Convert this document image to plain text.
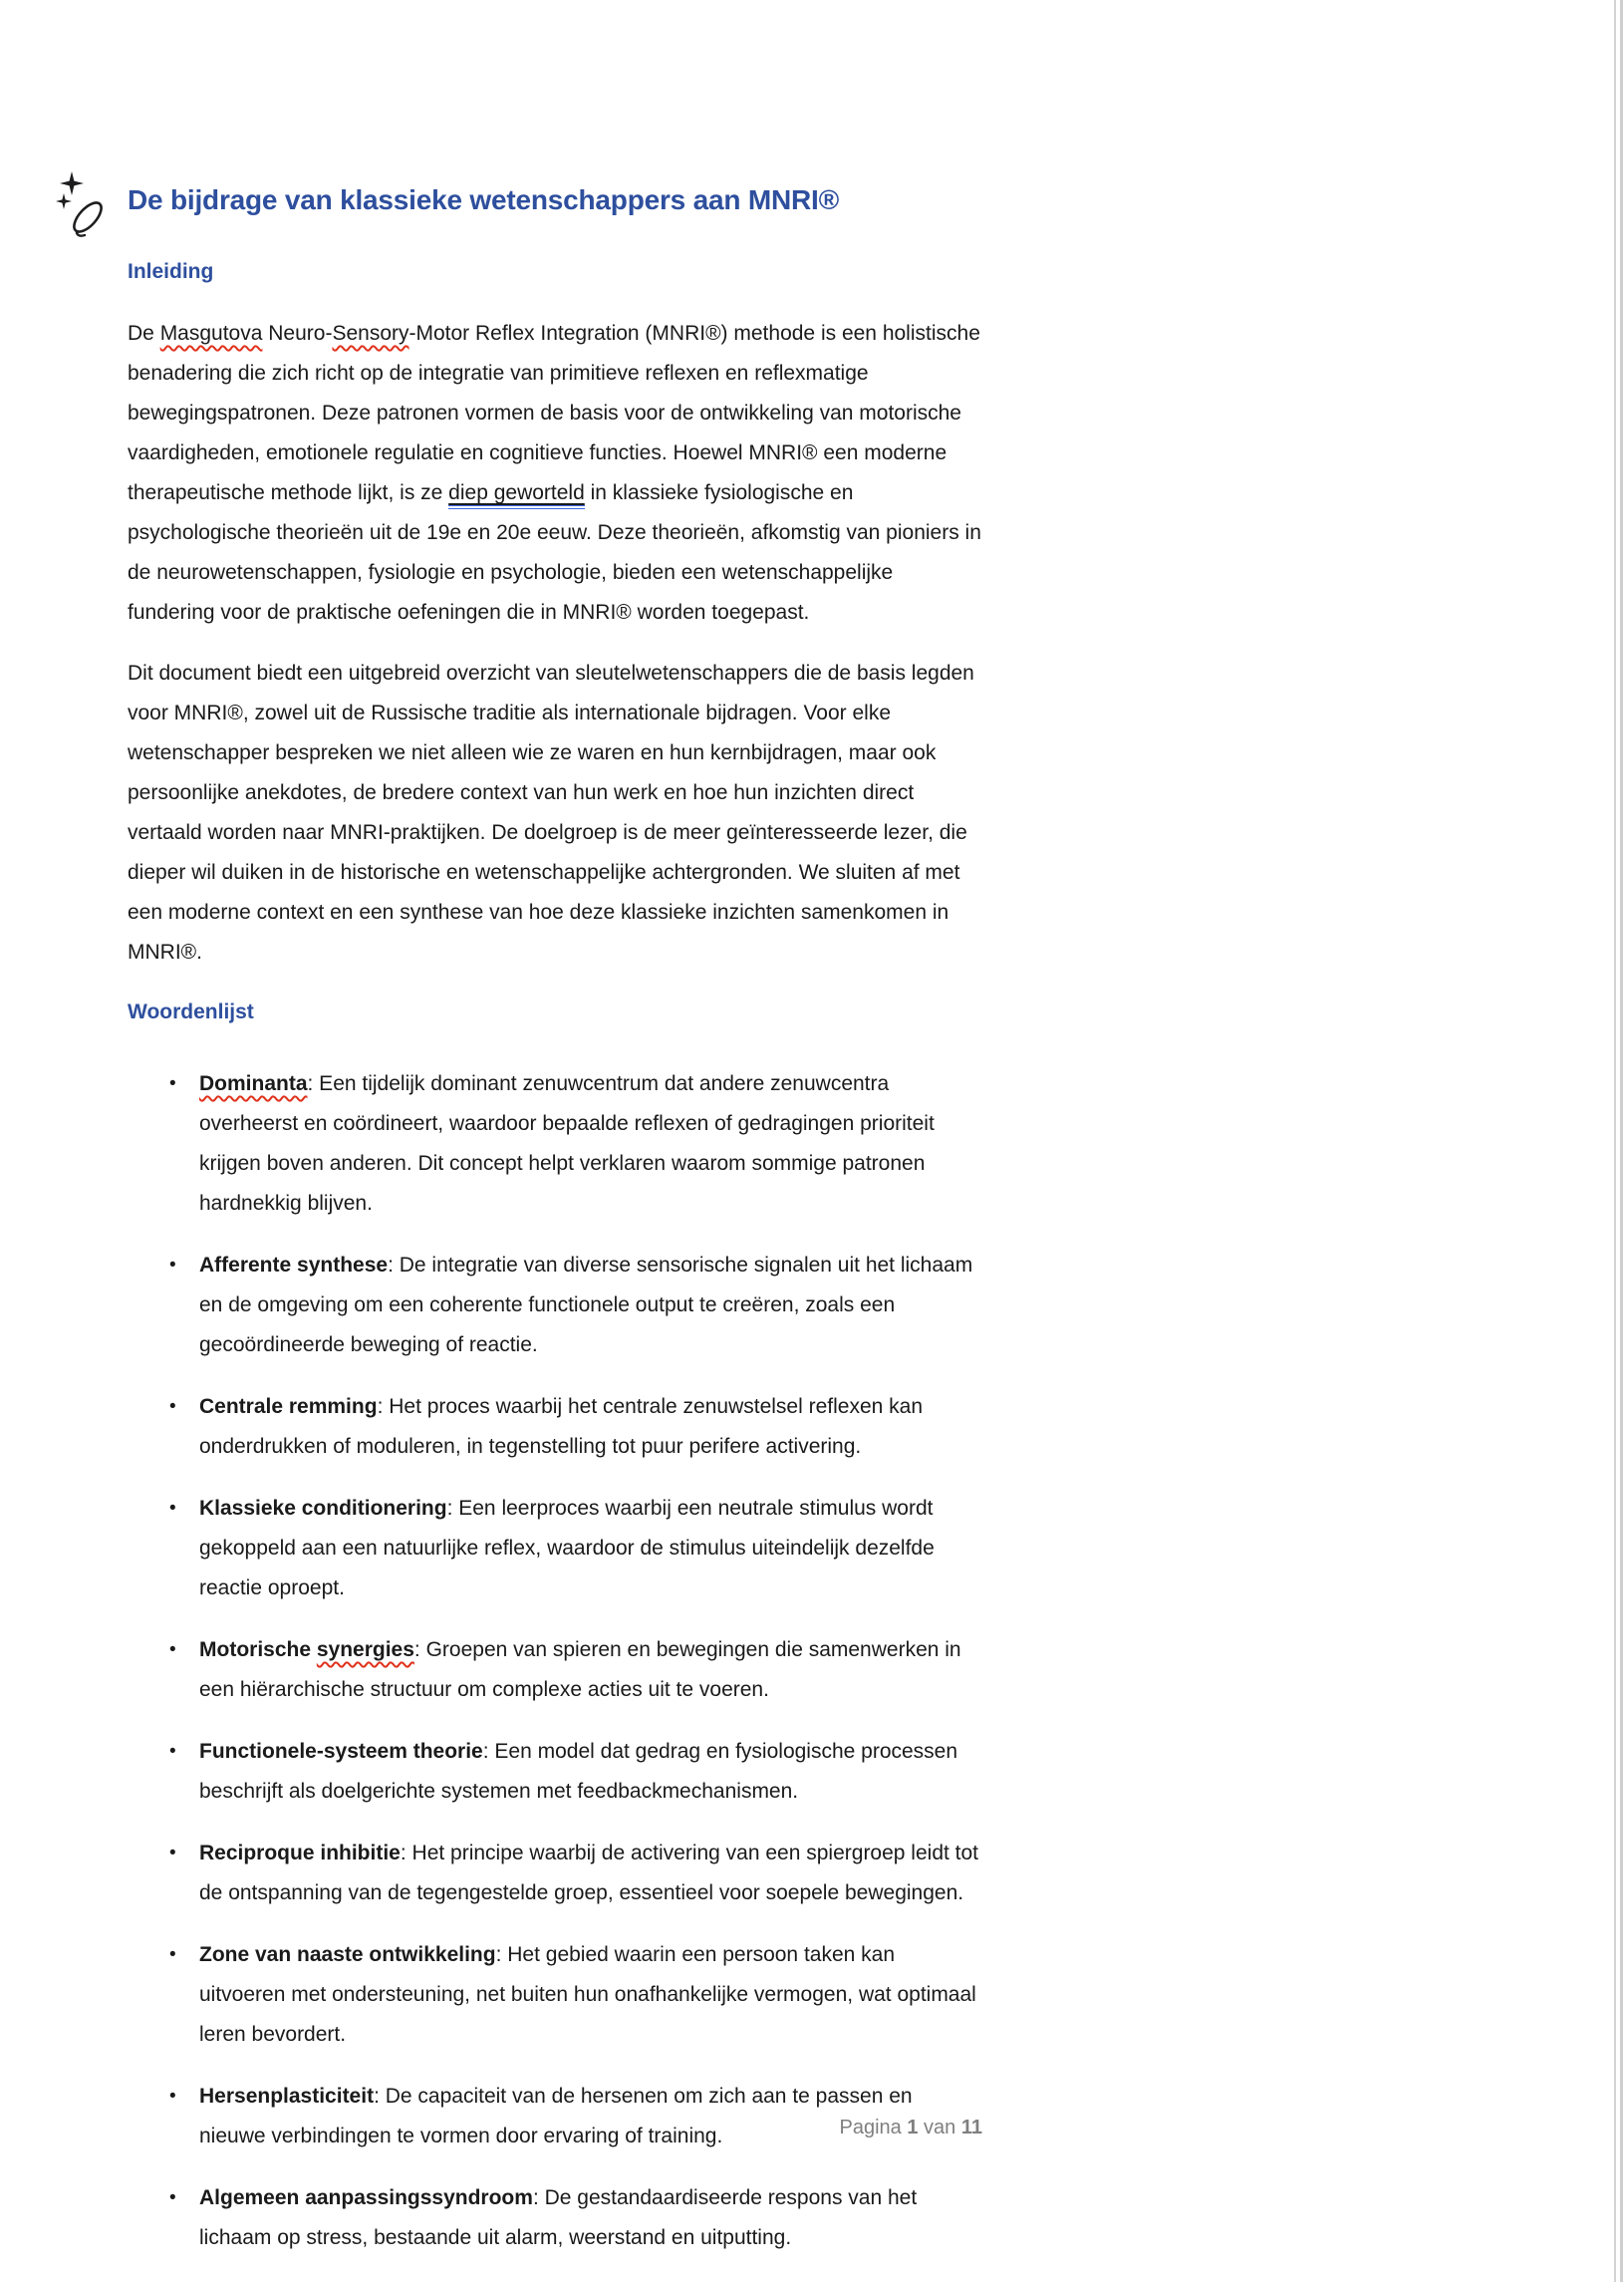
De bijdrage van klassieke wetenschappers aan MNRI®
Inleiding

De Masgutova Neuro-Sensory-Motor Reflex Integration (MNRI®) methode is een holistische benadering die zich richt op de integratie van primitieve reflexen en reflexmatige bewegingspatronen. Deze patronen vormen de basis voor de ontwikkeling van motorische vaardigheden, emotionele regulatie en cognitieve functies. Hoewel MNRI® een moderne therapeutische methode lijkt, is ze diep geworteld in klassieke fysiologische en psychologische theorieën uit de 19e en 20e eeuw. Deze theorieën, afkomstig van pioniers in de neurowetenschappen, fysiologie en psychologie, bieden een wetenschappelijke fundering voor de praktische oefeningen die in MNRI® worden toegepast.

Dit document biedt een uitgebreid overzicht van sleutelwetenschappers die de basis legden voor MNRI®, zowel uit de Russische traditie als internationale bijdragen. Voor elke wetenschapper bespreken we niet alleen wie ze waren en hun kernbijdragen, maar ook persoonlijke anekdotes, de bredere context van hun werk en hoe hun inzichten direct vertaald worden naar MNRI-praktijken. De doelgroep is de meer geïnteresseerde lezer, die dieper wil duiken in de historische en wetenschappelijke achtergronden. We sluiten af met een moderne context en een synthese van hoe deze klassieke inzichten samenkomen in MNRI®.

Woordenlijst
•	Dominanta: Een tijdelijk dominant zenuwcentrum dat andere zenuwcentra overheerst en coördineert, waardoor bepaalde reflexen of gedragingen prioriteit krijgen boven anderen. Dit concept helpt verklaren waarom sommige patronen hardnekkig blijven.
•	Afferente synthese: De integratie van diverse sensorische signalen uit het lichaam en de omgeving om een coherente functionele output te creëren, zoals een gecoördineerde beweging of reactie.
•	Centrale remming: Het proces waarbij het centrale zenuwstelsel reflexen kan onderdrukken of moduleren, in tegenstelling tot puur perifere activering.
•	Klassieke conditionering: Een leerproces waarbij een neutrale stimulus wordt gekoppeld aan een natuurlijke reflex, waardoor de stimulus uiteindelijk dezelfde reactie oproept.
•	Motorische synergies: Groepen van spieren en bewegingen die samenwerken in een hiërarchische structuur om complexe acties uit te voeren.
•	Functionele-systeem theorie: Een model dat gedrag en fysiologische processen beschrijft als doelgerichte systemen met feedbackmechanismen.
•	Reciproque inhibitie: Het principe waarbij de activering van een spiergroep leidt tot de ontspanning van de tegengestelde groep, essentieel voor soepele bewegingen.
•	Zone van naaste ontwikkeling: Het gebied waarin een persoon taken kan uitvoeren met ondersteuning, net buiten hun onafhankelijke vermogen, wat optimaal leren bevordert.
•	Hersenplasticiteit: De capaciteit van de hersenen om zich aan te passen en nieuwe verbindingen te vormen door ervaring of training.
•	Algemeen aanpassingssyndroom: De gestandaardiseerde respons van het lichaam op stress, bestaande uit alarm, weerstand en uitputting.
Pagina 1 van 11
